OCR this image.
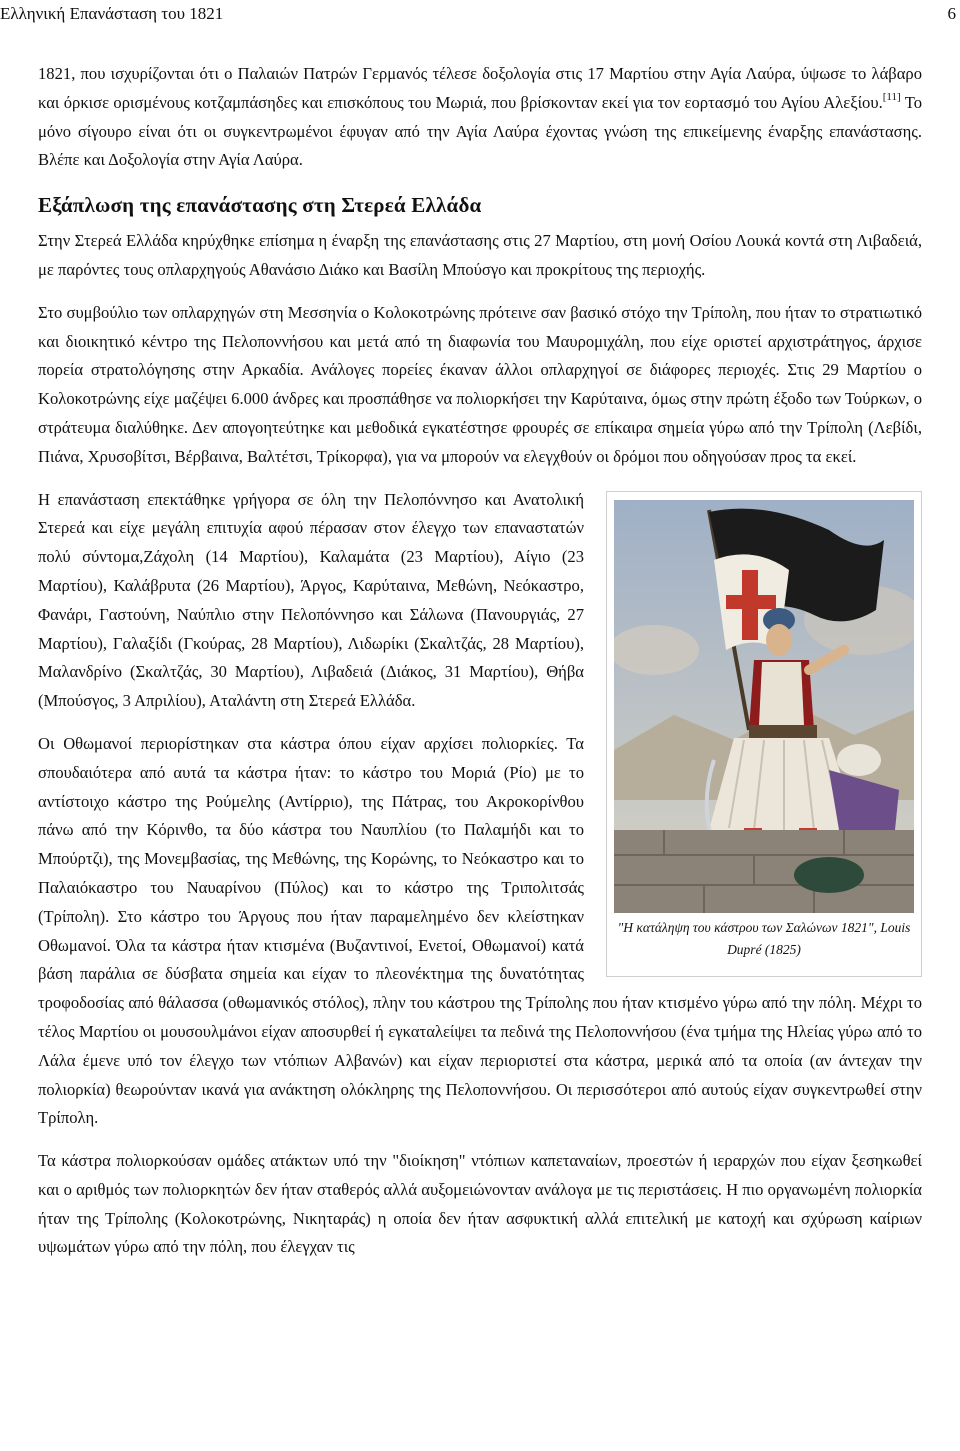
Ελληνική Επανάσταση του 1821	6

1821, που ισχυρίζονται ότι ο Παλαιών Πατρών Γερμανός τέλεσε δοξολογία στις 17 Μαρτίου στην Αγία Λαύρα, ύψωσε το λάβαρο και όρκισε ορισμένους κοτζαμπάσηδες και επισκόπους του Μωριά, που βρίσκονταν εκεί για τον εορτασμό του Αγίου Αλεξίου.[11] Το μόνο σίγουρο είναι ότι οι συγκεντρωμένοι έφυγαν από την Αγία Λαύρα έχοντας γνώση της επικείμενης έναρξης επανάστασης. Βλέπε και Δοξολογία στην Αγία Λαύρα.

Εξάπλωση της επανάστασης στη Στερεά Ελλάδα

Στην Στερεά Ελλάδα κηρύχθηκε επίσημα η έναρξη της επανάστασης στις 27 Μαρτίου, στη μονή Οσίου Λουκά κοντά στη Λιβαδειά, με παρόντες τους οπλαρχηγούς Αθανάσιο Διάκο και Βασίλη Μπούσγο και προκρίτους της περιοχής.

Στο συμβούλιο των οπλαρχηγών στη Μεσσηνία ο Κολοκοτρώνης πρότεινε σαν βασικό στόχο την Τρίπολη, που ήταν το στρατιωτικό και διοικητικό κέντρο της Πελοποννήσου και μετά από τη διαφωνία του Μαυρομιχάλη, που είχε οριστεί αρχιστράτηγος, άρχισε πορεία στρατολόγησης στην Αρκαδία. Ανάλογες πορείες έκαναν άλλοι οπλαρχηγοί σε διάφορες περιοχές. Στις 29 Μαρτίου ο Κολοκοτρώνης είχε μαζέψει 6.000 άνδρες και προσπάθησε να πολιορκήσει την Καρύταινα, όμως στην πρώτη έξοδο των Τούρκων, ο στράτευμα διαλύθηκε. Δεν απογοητεύτηκε και μεθοδικά εγκατέστησε φρουρές σε επίκαιρα σημεία γύρω από την Τρίπολη (Λεβίδι, Πιάνα, Χρυσοβίτσι, Βέρβαινα, Βαλτέτσι, Τρίκορφα), για να μπορούν να ελεγχθούν οι δρόμοι που οδηγούσαν προς τα εκεί.

"Η κατάληψη του κάστρου των Σαλώνων 1821", Louis Dupré (1825)

Η επανάσταση επεκτάθηκε γρήγορα σε όλη την Πελοπόννησο και Ανατολική Στερεά και είχε μεγάλη επιτυχία αφού πέρασαν στον έλεγχο των επαναστατών πολύ σύντομα,Ζάχολη (14 Μαρτίου), Καλαμάτα (23 Μαρτίου), Αίγιο (23 Μαρτίου), Καλάβρυτα (26 Μαρτίου), Άργος, Καρύταινα, Μεθώνη, Νεόκαστρο, Φανάρι, Γαστούνη, Ναύπλιο στην Πελοπόννησο και Σάλωνα (Πανουργιάς, 27 Μαρτίου), Γαλαξίδι (Γκούρας, 28 Μαρτίου), Λιδωρίκι (Σκαλτζάς, 28 Μαρτίου), Μαλανδρίνο (Σκαλτζάς, 30 Μαρτίου), Λιβαδειά (Διάκος, 31 Μαρτίου), Θήβα (Μπούσγος, 3 Απριλίου), Αταλάντη στη Στερεά Ελλάδα.

Οι Οθωμανοί περιορίστηκαν στα κάστρα όπου είχαν αρχίσει πολιορκίες. Τα σπουδαιότερα από αυτά τα κάστρα ήταν: το κάστρο του Μοριά (Ρίο) με το αντίστοιχο κάστρο της Ρούμελης (Αντίρριο), της Πάτρας, του Ακροκορίνθου πάνω από την Κόρινθο, τα δύο κάστρα του Ναυπλίου (το Παλαμήδι και το Μπούρτζι), της Μονεμβασίας, της Μεθώνης, της Κορώνης, το Νεόκαστρο και το Παλαιόκαστρο του Ναυαρίνου (Πύλος) και το κάστρο της Τριπολιτσάς (Τρίπολη). Στο κάστρο του Άργους που ήταν παραμελημένο δεν κλείστηκαν Οθωμανοί. Όλα τα κάστρα ήταν κτισμένα (Βυζαντινοί, Ενετοί, Οθωμανοί) κατά βάση παράλια σε δύσβατα σημεία και είχαν το πλεονέκτημα της δυνατότητας τροφοδοσίας από θάλασσα (οθωμανικός στόλος), πλην του κάστρου της Τρίπολης που ήταν κτισμένο γύρω από την πόλη. Μέχρι το τέλος Μαρτίου οι μουσουλμάνοι είχαν αποσυρθεί ή εγκαταλείψει τα πεδινά της Πελοποννήσου (ένα τμήμα της Ηλείας γύρω από το Λάλα έμενε υπό τον έλεγχο των ντόπιων Αλβανών) και είχαν περιοριστεί στα κάστρα, μερικά από τα οποία (αν άντεχαν την πολιορκία) θεωρούνταν ικανά για ανάκτηση ολόκληρης της Πελοποννήσου. Οι περισσότεροι από αυτούς είχαν συγκεντρωθεί στην Τρίπολη.

Τα κάστρα πολιορκούσαν ομάδες ατάκτων υπό την "διοίκηση" ντόπιων καπεταναίων, προεστών ή ιεραρχών που είχαν ξεσηκωθεί και ο αριθμός των πολιορκητών δεν ήταν σταθερός αλλά αυξομειώνονταν ανάλογα με τις περιστάσεις. Η πιο οργανωμένη πολιορκία ήταν της Τρίπολης (Κολοκοτρώνης, Νικηταράς) η οποία δεν ήταν ασφυκτική αλλά επιτελική με κατοχή και σχύρωση καίριων υψωμάτων γύρω από την πόλη, που έλεγχαν τις
